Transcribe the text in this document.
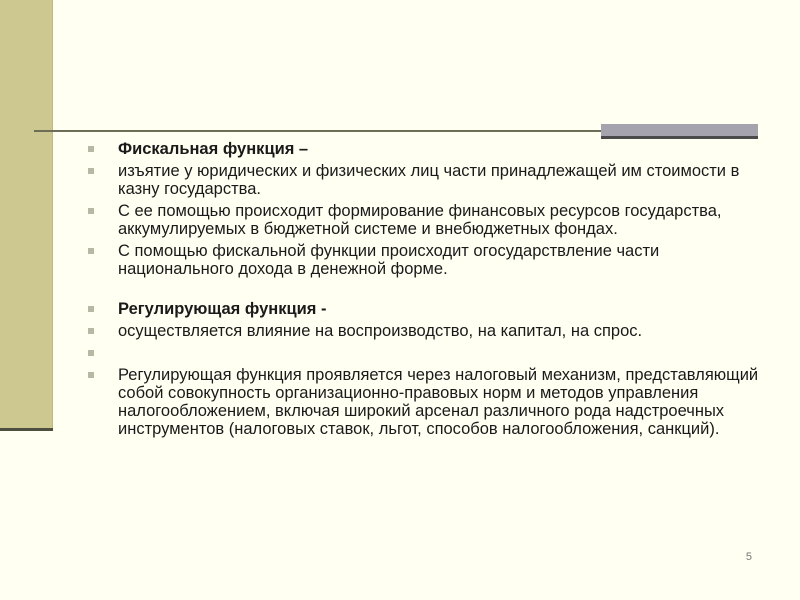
Фискальная функция –
изъятие у юридических и физических лиц части принадлежащей им стоимости в казну государства.
С ее помощью происходит формирование финансовых ресурсов государства, аккумулируемых в бюджетной системе и внебюджетных фондах.
С помощью фискальной функции происходит огосударствление части национального дохода в денежной форме.
Регулирующая функция -
осуществляется влияние на воспроизводство, на капитал, на спрос.

Регулирующая функция проявляется через налоговый механизм, представляющий собой совокупность организационно-правовых норм и методов управления налогообложением, включая широкий арсенал различного рода надстроечных инструментов (налоговых ставок, льгот, способов налогообложения, санкций).
5
